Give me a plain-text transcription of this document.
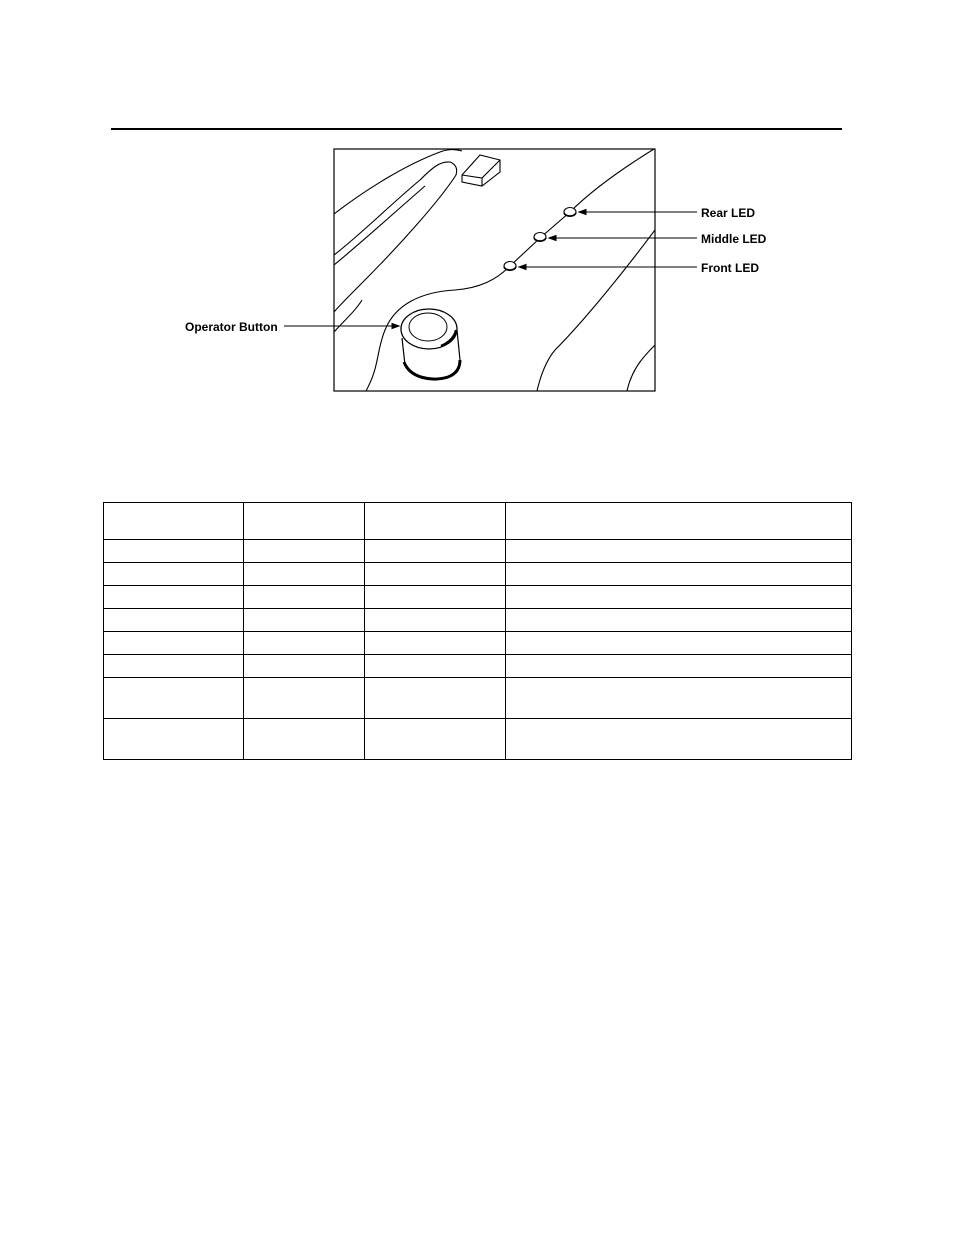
Rear LED
Middle LED
Front LED
Operator Button
